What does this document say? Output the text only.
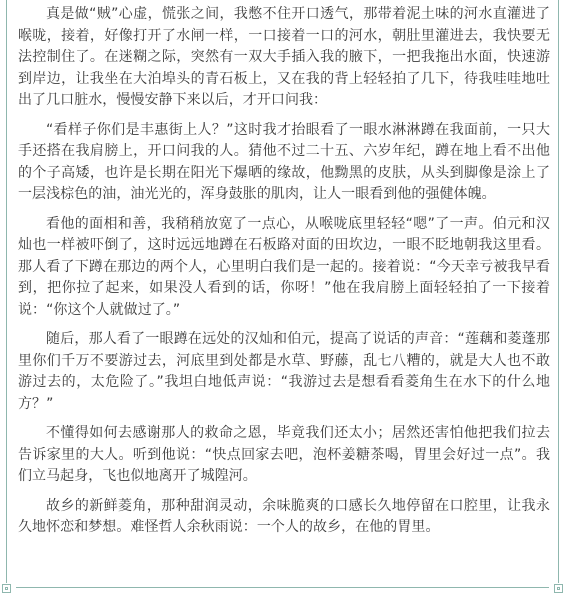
真是做“贼”心虚，慌张之间，我憋不住开口透气，那带着泥土味的河水直灌进了喉咙，接着，好像打开了水闸一样，一口接着一口的河水，朝肚里灌进去，我快要无法控制住了。在迷糊之际，突然有一双大手插入我的腋下，一把我拖出水面，快速游到岸边，让我坐在大泊埠头的青石板上，又在我的背上轻轻拍了几下，待我哇哇地吐出了几口脏水，慢慢安静下来以后，才开口问我：

“看样子你们是丰惠街上人？”这时我才抬眼看了一眼水淋淋蹲在我面前，一只大手还搭在我肩膀上，开口问我的人。猜他不过二十五、六岁年纪，蹲在地上看不出他的个子高矮，也许是长期在阳光下爆晒的缘故，他黝黑的皮肤，从头到脚像是涂上了一层浅棕色的油，油光光的，浑身鼓胀的肌肉，让人一眼看到他的强健体魄。

看他的面相和善，我稍稍放宽了一点心，从喉咙底里轻轻“嗯”了一声。伯元和汉灿也一样被吓倒了，这时远远地蹲在石板路对面的田坎边，一眼不眨地朝我这里看。那人看了下蹲在那边的两个人，心里明白我们是一起的。接着说：“今天幸亏被我早看到，把你拉了起来，如果没人看到的话，你呀！”他在我肩膀上面轻轻拍了一下接着说：“你这个人就做过了。”

随后，那人看了一眼蹲在远处的汉灿和伯元，提高了说话的声音：“莲藕和菱蓬那里你们千万不要游过去，河底里到处都是水草、野藤，乱七八糟的，就是大人也不敢游过去的，太危险了。”我坦白地低声说：“我游过去是想看看菱角生在水下的什么地方？”

不懂得如何去感谢那人的救命之恩，毕竟我们还太小；居然还害怕他把我们拉去告诉家里的大人。听到他说：“快点回家去吧，泡杯姜糖茶喝，胃里会好过一点”。我们立马起身，飞也似地离开了城隍河。

故乡的新鲜菱角，那种甜润灵动，余味脆爽的口感长久地停留在口腔里，让我永久地怀恋和梦想。难怪哲人余秋雨说：一个人的故乡，在他的胃里。
